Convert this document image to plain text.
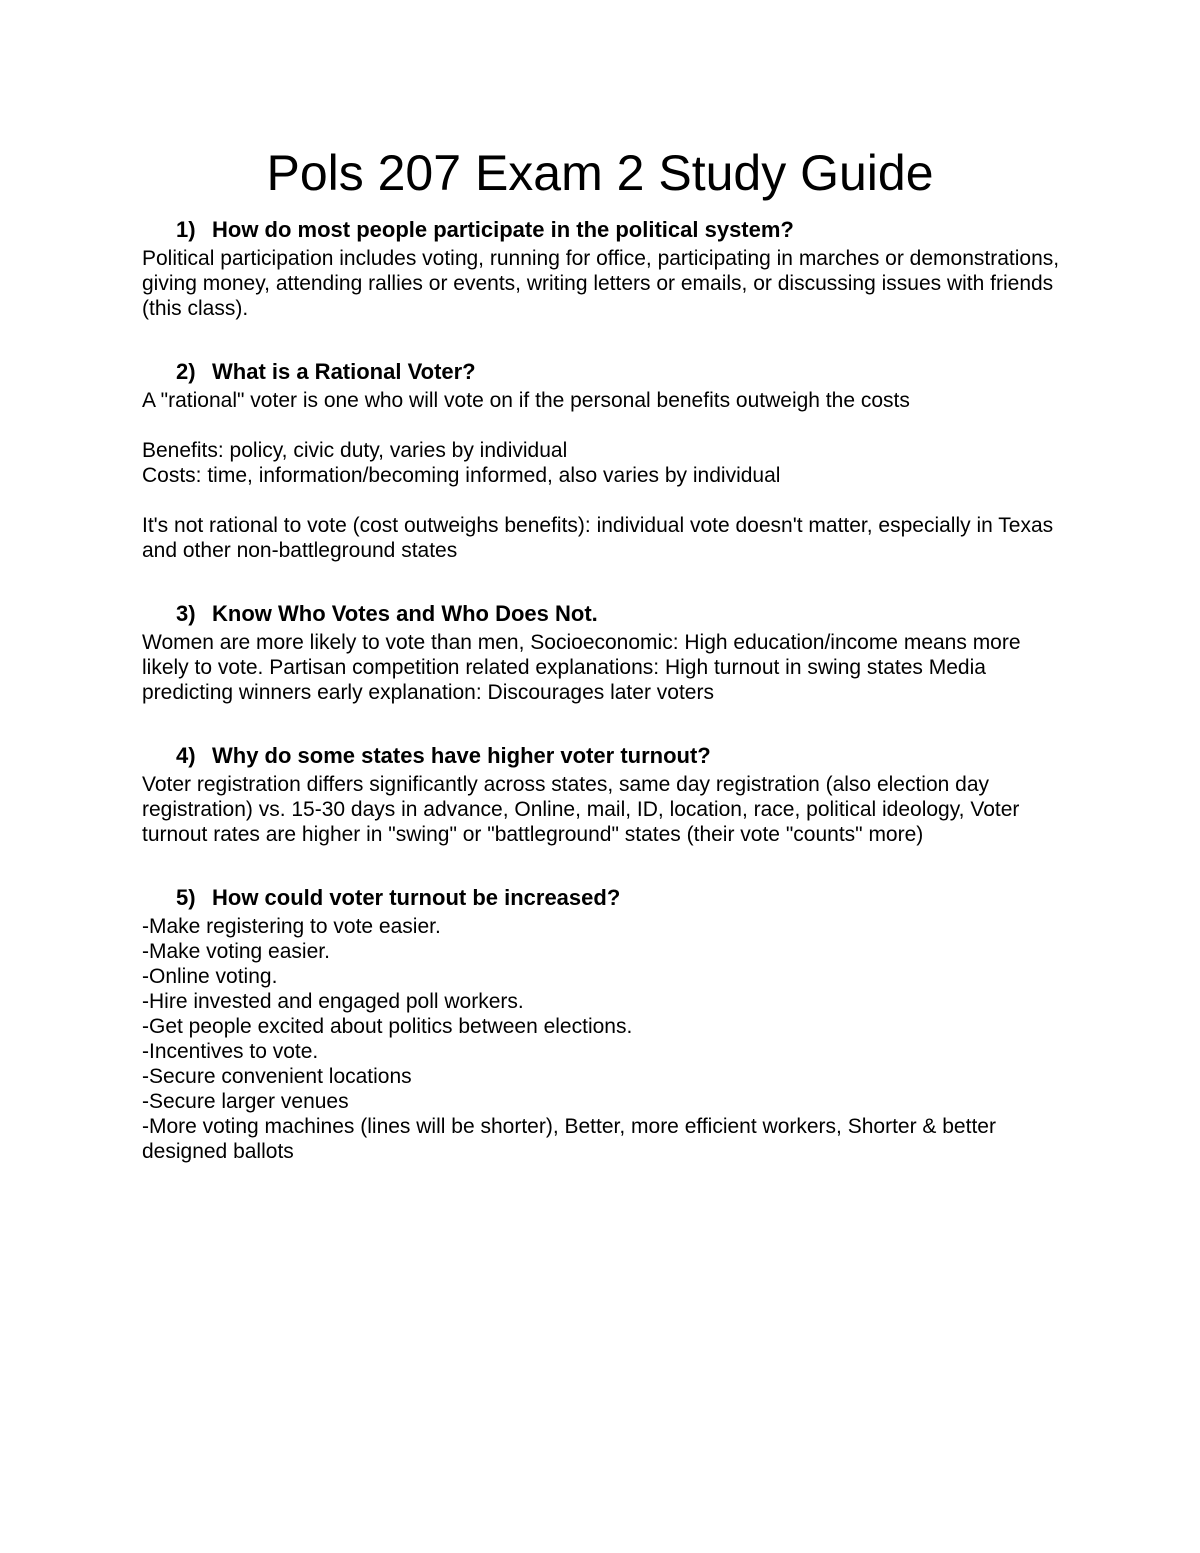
Pols 207 Exam 2 Study Guide
1) How do most people participate in the political system?

Political participation includes voting, running for office, participating in marches or demonstrations, giving money, attending rallies or events, writing letters or emails, or discussing issues with friends (this class).

2) What is a Rational Voter?

A "rational" voter is one who will vote on if the personal benefits outweigh the costs

Benefits: policy, civic duty, varies by individual

Costs: time, information/becoming informed, also varies by individual

It's not rational to vote (cost outweighs benefits): individual vote doesn't matter, especially in Texas and other non-battleground states

3) Know Who Votes and Who Does Not.

Women are more likely to vote than men, Socioeconomic: High education/income means more likely to vote. Partisan competition related explanations: High turnout in swing states Media predicting winners early explanation: Discourages later voters

4) Why do some states have higher voter turnout?

Voter registration differs significantly across states, same day registration (also election day registration) vs. 15-30 days in advance, Online, mail, ID, location, race, political ideology, Voter turnout rates are higher in "swing" or "battleground" states (their vote "counts" more)

5) How could voter turnout be increased?
-Make registering to vote easier.
-Make voting easier.
-Online voting.
-Hire invested and engaged poll workers.
-Get people excited about politics between elections.
-Incentives to vote.
-Secure convenient locations
-Secure larger venues
-More voting machines (lines will be shorter), Better, more efficient workers, Shorter & better designed ballots
